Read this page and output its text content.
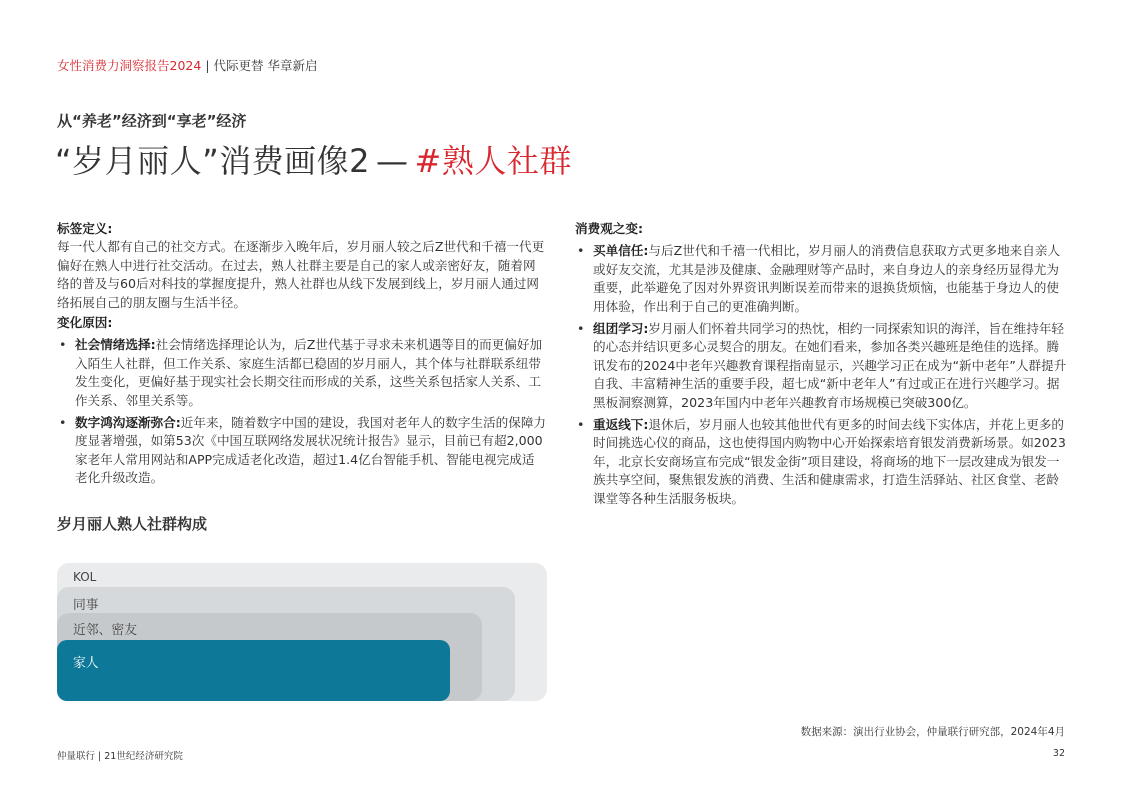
女性消费力洞察报告2024 | 代际更替 华章新启
从“养老”经济到“享老”经济
“岁月丽人”消费画像2 — #熟人社群
标签定义:
每一代人都有自己的社交方式。在逐渐步入晚年后，岁月丽人较之后Z世代和千禧一代更偏好在熟人中进行社交活动。在过去，熟人社群主要是自己的家人或亲密好友，随着网络的普及与60后对科技的掌握度提升，熟人社群也从线下发展到线上，岁月丽人通过网络拓展自己的朋友圈与生活半径。
变化原因:
• 社会情绪选择:社会情绪选择理论认为，后Z世代基于寻求未来机遇等目的而更偏好加入陌生人社群，但工作关系、家庭生活都已稳固的岁月丽人，其个体与社群联系纽带发生变化，更偏好基于现实社会长期交往而形成的关系，这些关系包括家人关系、工作关系、邻里关系等。
• 数字鸿沟逐渐弥合:近年来，随着数字中国的建设，我国对老年人的数字生活的保障力度显著增强，如第53次《中国互联网络发展状况统计报告》显示，目前已有超2,000家老年人常用网站和APP完成适老化改造，超过1.4亿台智能手机、智能电视完成适老化升级改造。
消费观之变:
• 买单信任:与后Z世代和千禧一代相比，岁月丽人的消费信息获取方式更多地来自亲人或好友交流，尤其是涉及健康、金融理财等产品时，来自身边人的亲身经历显得尤为重要，此举避免了因对外界资讯判断误差而带来的退换货烦恼，也能基于身边人的使用体验，作出利于自己的更准确判断。
• 组团学习:岁月丽人们怀着共同学习的热忱，相约一同探索知识的海洋，旨在维持年轻的心态并结识更多心灵契合的朋友。在她们看来，参加各类兴趣班是绝佳的选择。腾讯发布的2024中老年兴趣教育课程指南显示，兴趣学习正在成为“新中老年”人群提升自我、丰富精神生活的重要手段，超七成“新中老年人”有过或正在进行兴趣学习。据黑板洞察测算，2023年国内中老年兴趣教育市场规模已突破300亿。
• 重返线下:退休后，岁月丽人也较其他世代有更多的时间去线下实体店，并花上更多的时间挑选心仪的商品，这也使得国内购物中心开始探索培育银发消费新场景。如2023年，北京长安商场宣布完成“银发金街”项目建设，将商场的地下一层改建成为银发一族共享空间，聚焦银发族的消费、生活和健康需求，打造生活驿站、社区食堂、老龄课堂等各种生活服务板块。
岁月丽人熟人社群构成
KOL
同事
近邻、密友
家人
数据来源：演出行业协会，仲量联行研究部，2024年4月
仲量联行 | 21世纪经济研究院	32
